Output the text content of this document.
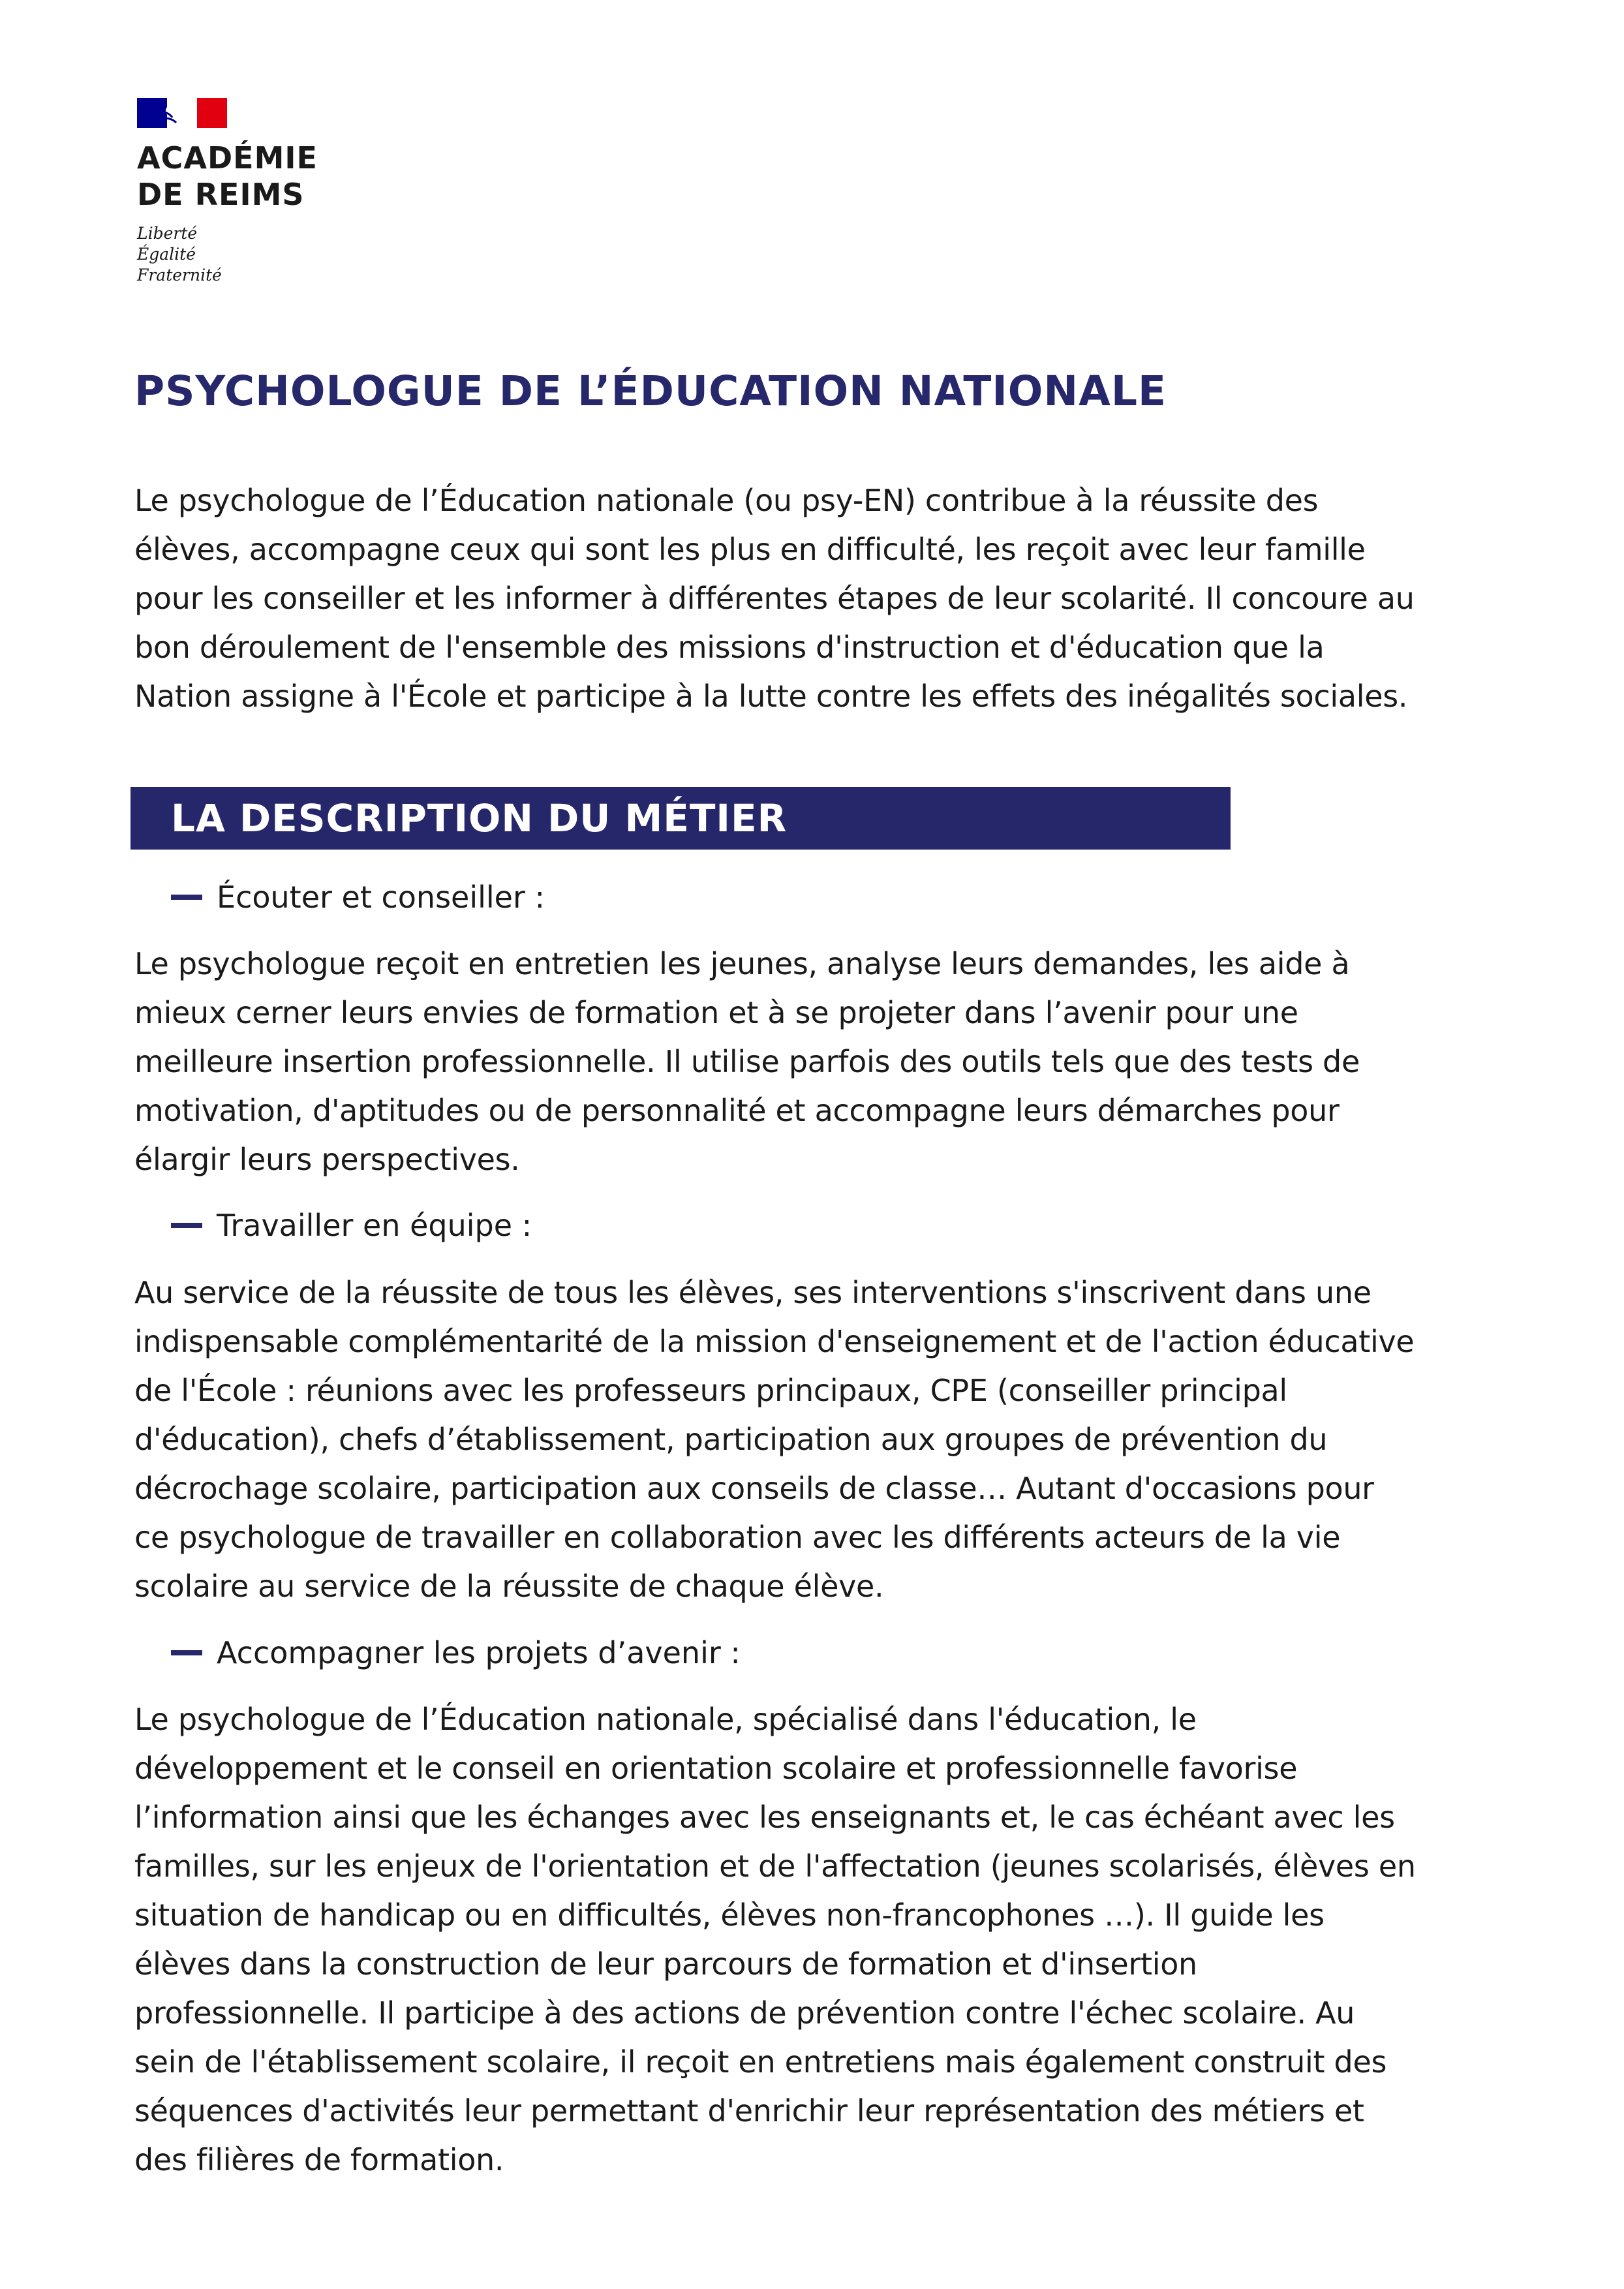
ACADÉMIE
DE REIMS
Liberté
Égalité
Fraternité
PSYCHOLOGUE DE L’ÉDUCATION NATIONALE

Le psychologue de l’Éducation nationale (ou psy-EN) contribue à la réussite des

élèves, accompagne ceux qui sont les plus en difficulté, les reçoit avec leur famille

pour les conseiller et les informer à différentes étapes de leur scolarité. Il concoure au

bon déroulement de l'ensemble des missions d'instruction et d'éducation que la

Nation assigne à l'École et participe à la lutte contre les effets des inégalités sociales.

LA DESCRIPTION DU MÉTIER
Écouter et conseiller :

Le psychologue reçoit en entretien les jeunes, analyse leurs demandes, les aide à

mieux cerner leurs envies de formation et à se projeter dans l’avenir pour une

meilleure insertion professionnelle. Il utilise parfois des outils tels que des tests de

motivation, d'aptitudes ou de personnalité et accompagne leurs démarches pour

élargir leurs perspectives.

Travailler en équipe :

Au service de la réussite de tous les élèves, ses interventions s'inscrivent dans une

indispensable complémentarité de la mission d'enseignement et de l'action éducative

de l'École : réunions avec les professeurs principaux, CPE (conseiller principal

d'éducation), chefs d’établissement, participation aux groupes de prévention du

décrochage scolaire, participation aux conseils de classe… Autant d'occasions pour

ce psychologue de travailler en collaboration avec les différents acteurs de la vie

scolaire au service de la réussite de chaque élève.

Accompagner les projets d’avenir :

Le psychologue de l’Éducation nationale, spécialisé dans l'éducation, le

développement et le conseil en orientation scolaire et professionnelle favorise

l’information ainsi que les échanges avec les enseignants et, le cas échéant avec les

familles, sur les enjeux de l'orientation et de l'affectation (jeunes scolarisés, élèves en

situation de handicap ou en difficultés, élèves non-francophones …). Il guide les

élèves dans la construction de leur parcours de formation et d'insertion

professionnelle. Il participe à des actions de prévention contre l'échec scolaire. Au

sein de l'établissement scolaire, il reçoit en entretiens mais également construit des

séquences d'activités leur permettant d'enrichir leur représentation des métiers et

des filières de formation.
